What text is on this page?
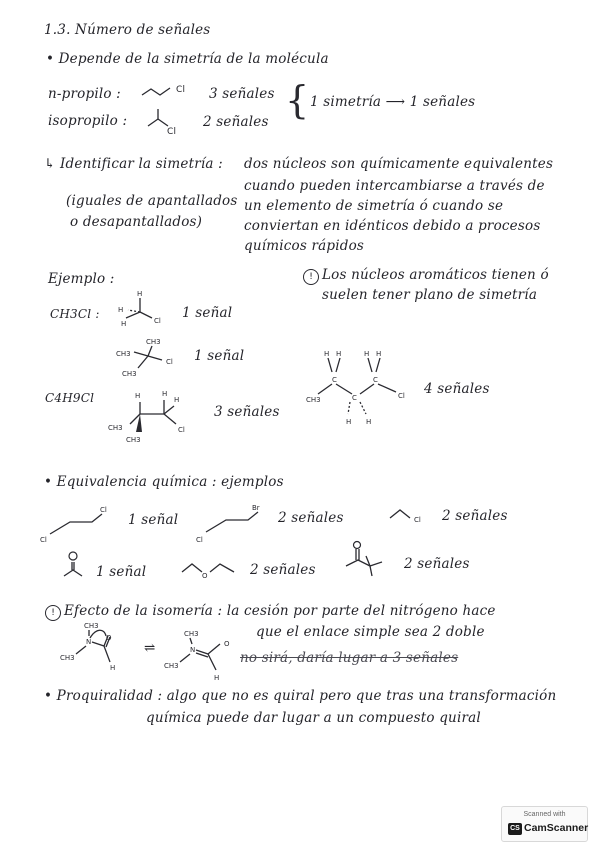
1.3. Número de señales
• Depende de la simetría de la molécula
n-propilo :	Cl 3 señales
isopropilo :
Cl
2 señales { 1 simetría ⟶ 1 señales
↳ Identificar la simetría : dos núcleos son químicamente equivalentes
cuando pueden intercambiarse a través de
un elemento de simetría ó cuando se
conviertan en idénticos debido a procesos
químicos rápidos
(iguales de apantallados
o desapantallados)
Ejemplo :	! Los núcleos aromáticos tienen ó
suelen tener plano de simetría
CH3Cl :
H
H
H	Cl 1 señal
CH3
CH3
CH3
Cl 1 señal
C4H9Cl	H	H
H
CH3
CH3
Cl
3 señales
H H	H H
C	C
C
CH3	Cl
H H
4 señales
• Equivalencia química : ejemplos
Cl
Cl
1 señal
Cl
Br
2 señales	Cl 2 señales
1 señal	O	2 señales	2 señales
! Efecto de la isomería : la cesión por parte del nitrógeno hace
que el enlace simple sea 2 doble
CH3
N
CH3
O
H
⇌
CH3
N
CH3
O
H
no sirá, daría lugar a 3 señales
• Proquiralidad : algo que no es quiral pero que tras una transformación
química puede dar lugar a un compuesto quiral
Scanned with
CS CamScanner
